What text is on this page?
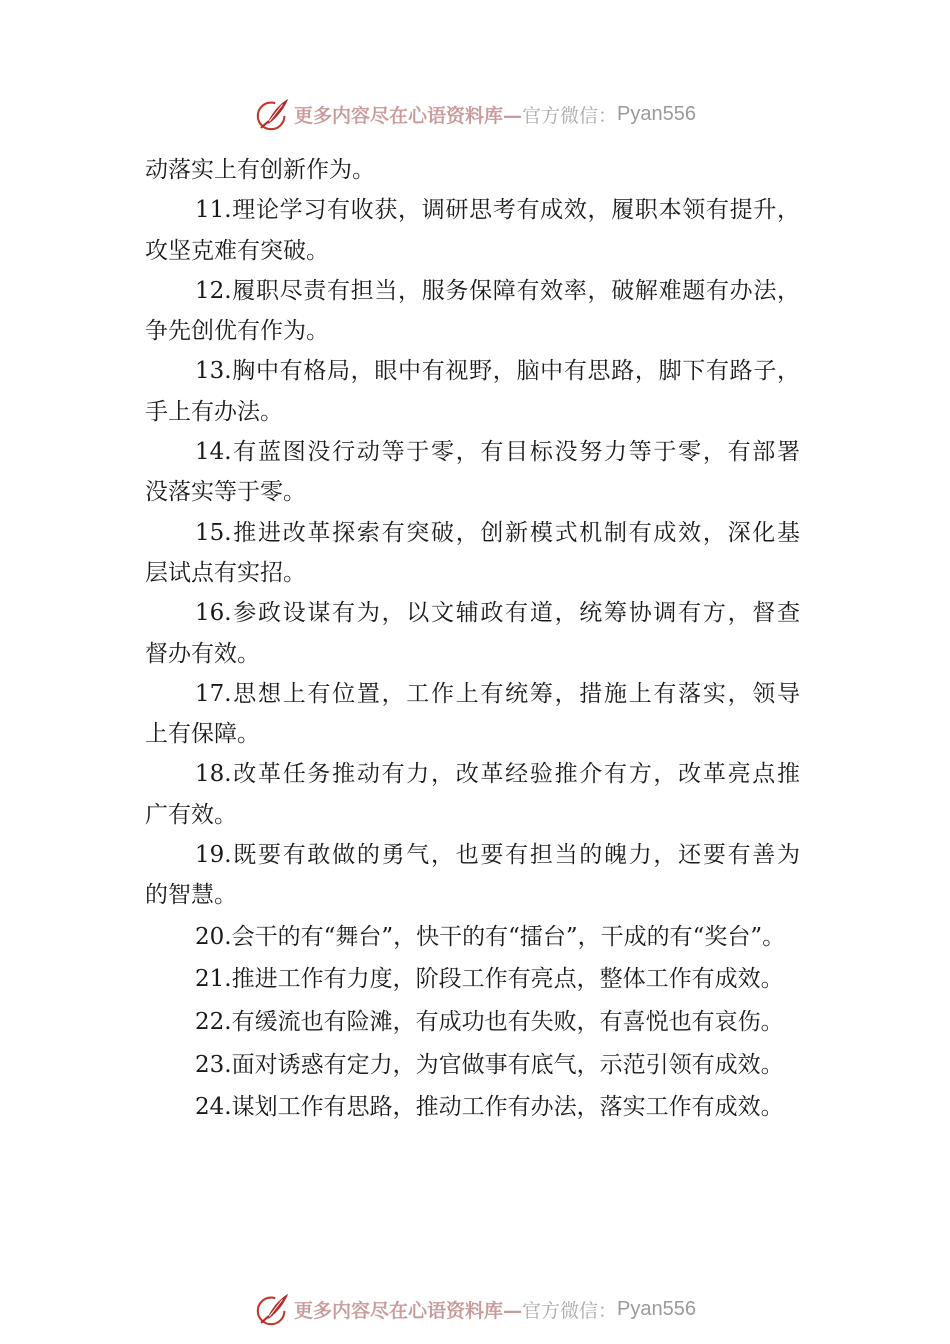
更多内容尽在心语资料库— 官方微信： Pyan556
动落实上有创新作为。
11.理论学习有收获，调研思考有成效，履职本领有提升，
攻坚克难有突破。
12.履职尽责有担当，服务保障有效率，破解难题有办法，
争先创优有作为。
13.胸中有格局，眼中有视野，脑中有思路，脚下有路子，
手上有办法。
14.有蓝图没行动等于零，有目标没努力等于零，有部署
没落实等于零。
15.推进改革探索有突破，创新模式机制有成效，深化基
层试点有实招。
16.参政设谋有为，以文辅政有道，统筹协调有方，督查
督办有效。
17.思想上有位置，工作上有统筹，措施上有落实，领导
上有保障。
18.改革任务推动有力，改革经验推介有方，改革亮点推
广有效。
19.既要有敢做的勇气，也要有担当的魄力，还要有善为
的智慧。
20.会干的有“舞台”，快干的有“擂台”，干成的有“奖台”。
21.推进工作有力度，阶段工作有亮点，整体工作有成效。
22.有缓流也有险滩，有成功也有失败，有喜悦也有哀伤。
23.面对诱惑有定力，为官做事有底气，示范引领有成效。
24.谋划工作有思路，推动工作有办法，落实工作有成效。
更多内容尽在心语资料库— 官方微信： Pyan556
